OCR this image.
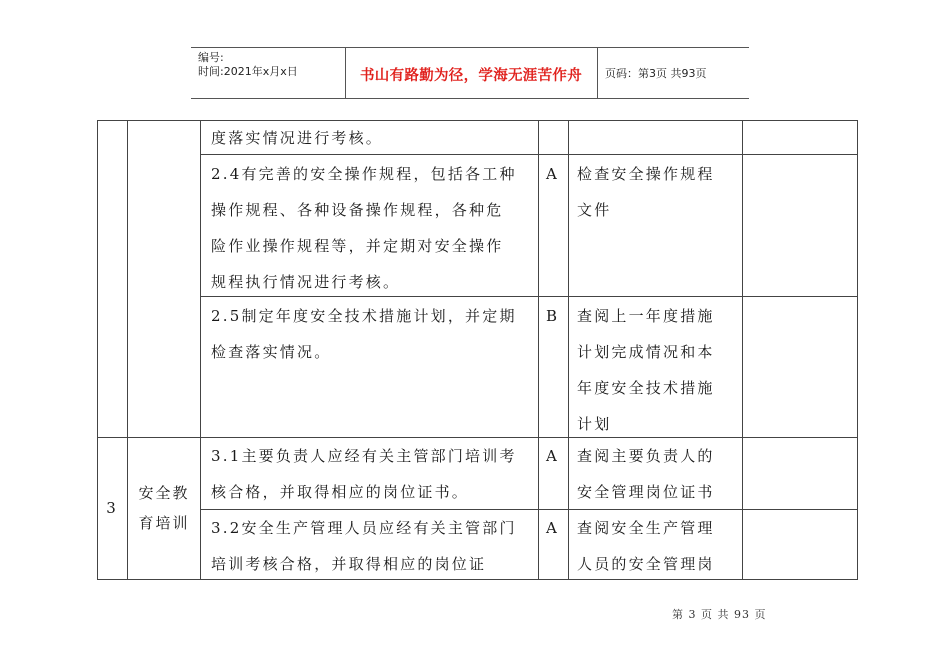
编号:
时间:2021年x月x日	书山有路勤为径，学海无涯苦作舟	页码：第3页 共93页
度落实情况进行考核。
2.4有完善的安全操作规程，包括各工种
操作规程、各种设备操作规程，各种危
险作业操作规程等，并定期对安全操作
规程执行情况进行考核。
A 检查安全操作规程
文件
2.5制定年度安全技术措施计划，并定期
检查落实情况。
B 查阅上一年度措施
计划完成情况和本
年度安全技术措施
计划
3
安全教
育培训
3.1主要负责人应经有关主管部门培训考
核合格，并取得相应的岗位证书。
A 查阅主要负责人的
安全管理岗位证书
3.2安全生产管理人员应经有关主管部门
培训考核合格，并取得相应的岗位证
A 查阅安全生产管理
人员的安全管理岗
第 3 页 共 93 页
